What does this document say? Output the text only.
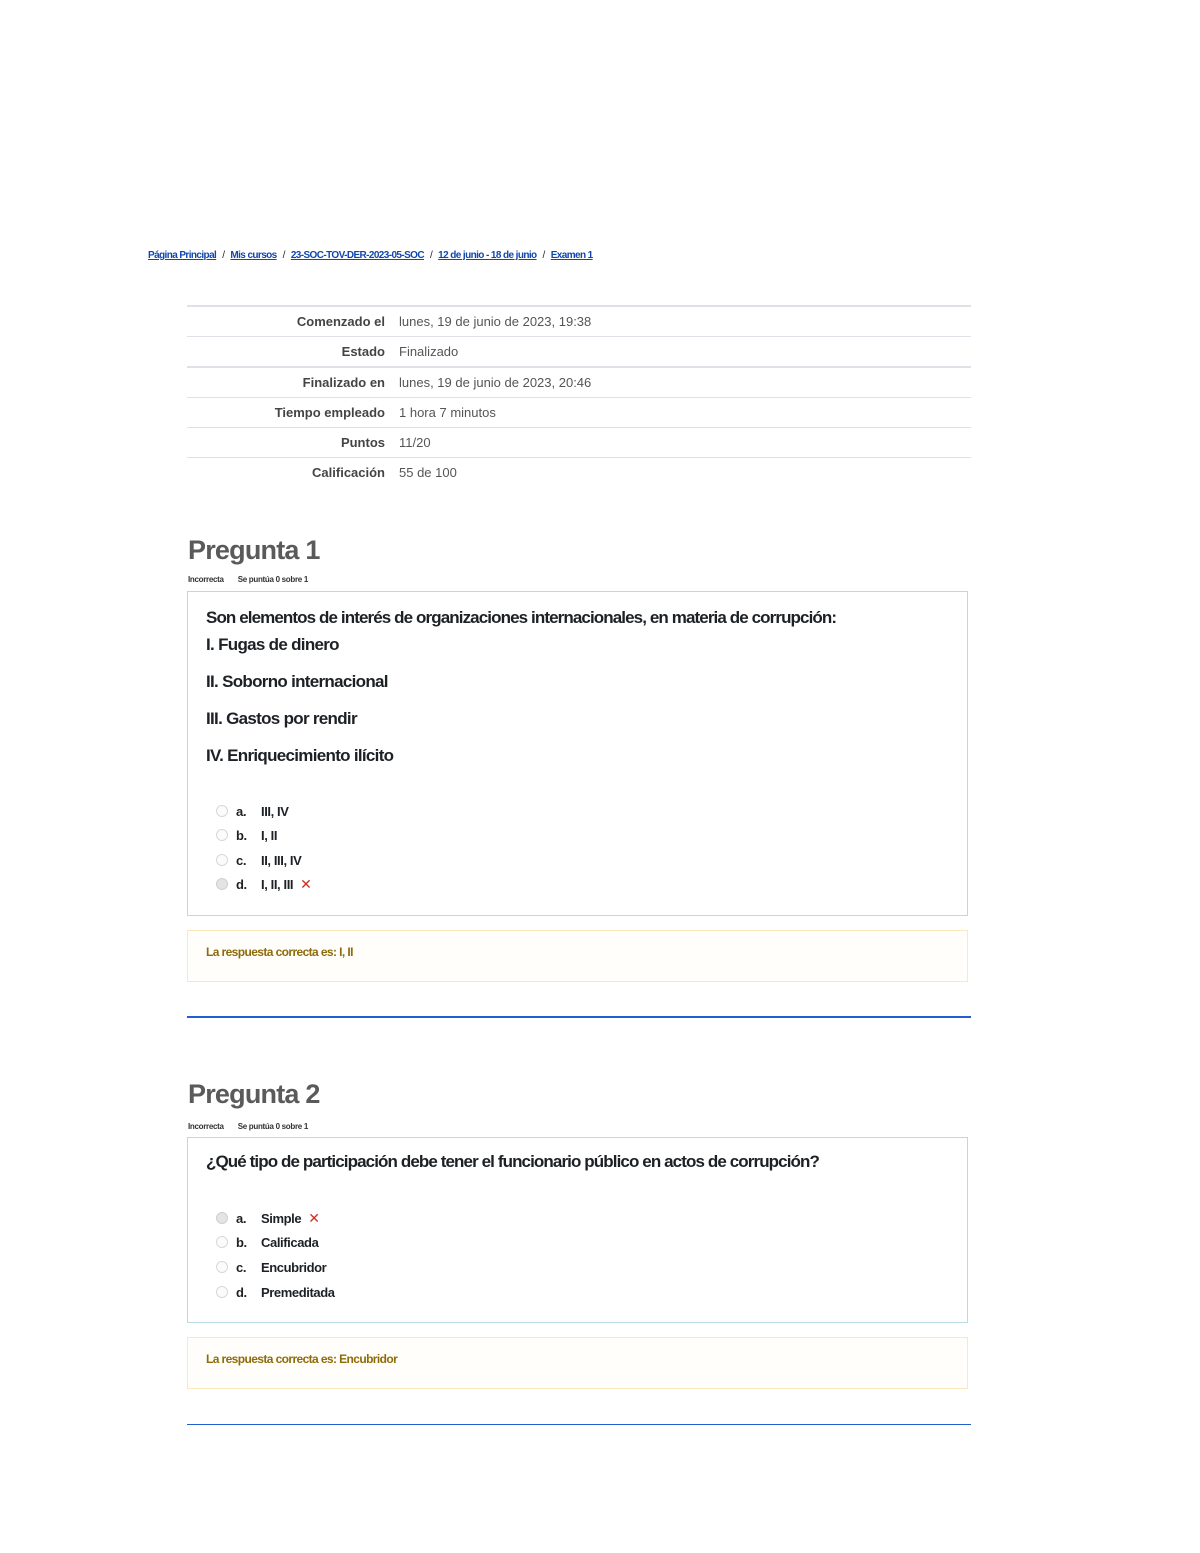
Página Principal / Mis cursos / 23-SOC-TOV-DER-2023-05-SOC / 12 de junio - 18 de junio / Examen 1
Comenzado el	lunes, 19 de junio de 2023, 19:38
Estado	Finalizado
Finalizado en	lunes, 19 de junio de 2023, 20:46
Tiempo empleado	1 hora 7 minutos
Puntos	11/20
Calificación	55 de 100
Pregunta 1
Incorrecta Se puntúa 0 sobre 1
Son elementos de interés de organizaciones internacionales, en materia de corrupción:
I. Fugas de dinero
II. Soborno internacional
III. Gastos por rendir
IV. Enriquecimiento ilícito
a.	III, IV
b.	I, II
c.	II, III, IV
d.	I, II, III ✕
La respuesta correcta es: I, II
Pregunta 2
Incorrecta Se puntúa 0 sobre 1
¿Qué tipo de participación debe tener el funcionario público en actos de corrupción?
a.	Simple ✕
b.	Calificada
c.	Encubridor
d.	Premeditada
La respuesta correcta es: Encubridor
